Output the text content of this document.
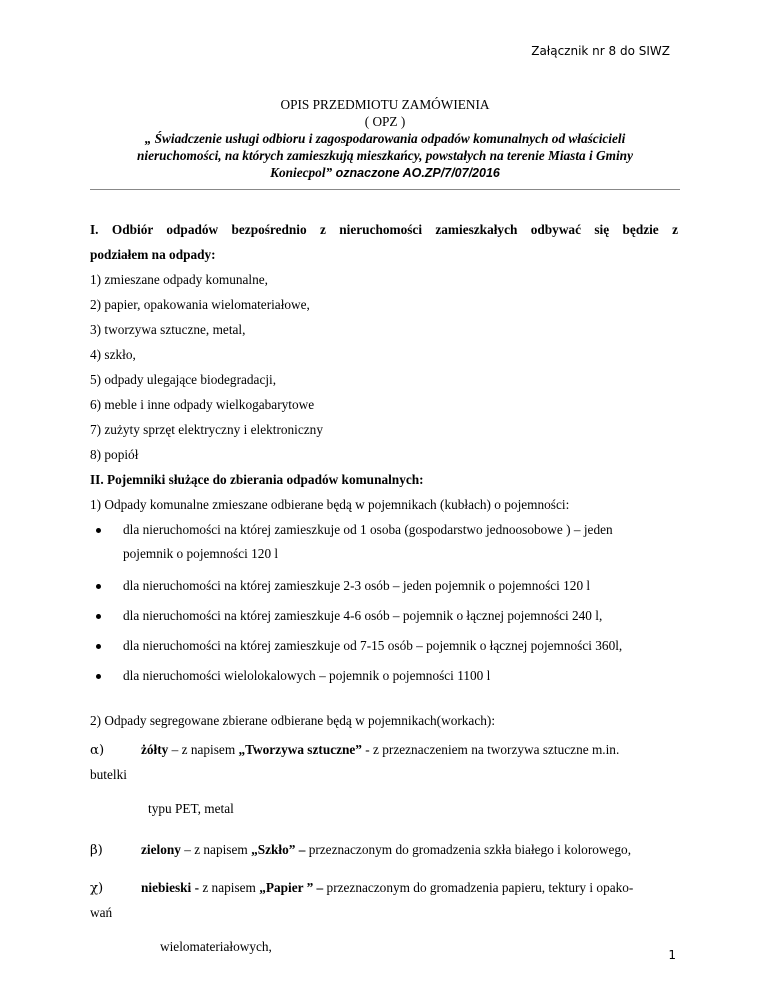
Załącznik nr 8 do SIWZ
OPIS PRZEDMIOTU ZAMÓWIENIA
( OPZ )
„ Świadczenie usługi odbioru i zagospodarowania odpadów komunalnych od właścicieli
nieruchomości, na których zamieszkują mieszkańcy, powstałych na terenie Miasta i Gminy
Koniecpol” oznaczone AO.ZP/7/07/2016
I. Odbiór odpadów bezpośrednio z nieruchomości zamieszkałych odbywać się będzie z
podziałem na odpady:
1) zmieszane odpady komunalne,
2) papier, opakowania wielomateriałowe,
3) tworzywa sztuczne, metal,
4) szkło,
5) odpady ulegające biodegradacji,
6) meble i inne odpady wielkogabarytowe
7) zużyty sprzęt elektryczny i elektroniczny
8) popiół
II. Pojemniki służące do zbierania odpadów komunalnych:
1) Odpady komunalne zmieszane odbierane będą w pojemnikach (kubłach) o pojemności:
dla nieruchomości na której zamieszkuje od 1 osoba (gospodarstwo jednoosobowe ) – jeden
pojemnik o pojemności 120 l
dla nieruchomości na której zamieszkuje 2-3 osób – jeden pojemnik o pojemności 120 l
dla nieruchomości na której zamieszkuje 4-6 osób – pojemnik o łącznej pojemności 240 l,
dla nieruchomości na której zamieszkuje od 7-15 osób – pojemnik o łącznej pojemności 360l,
dla nieruchomości wielolokalowych – pojemnik o pojemności 1100 l
2) Odpady segregowane zbierane odbierane będą w pojemnikach(workach):
α)	żółty – z napisem „Tworzywa sztuczne” - z przeznaczeniem na tworzywa sztuczne m.in.
butelki
typu PET, metal
β)	zielony – z napisem „Szkło” – przeznaczonym do gromadzenia szkła białego i kolorowego,
χ)	niebieski - z napisem „Papier ” – przeznaczonym do gromadzenia papieru, tektury i opako-
wań
wielomateriałowych,
1
